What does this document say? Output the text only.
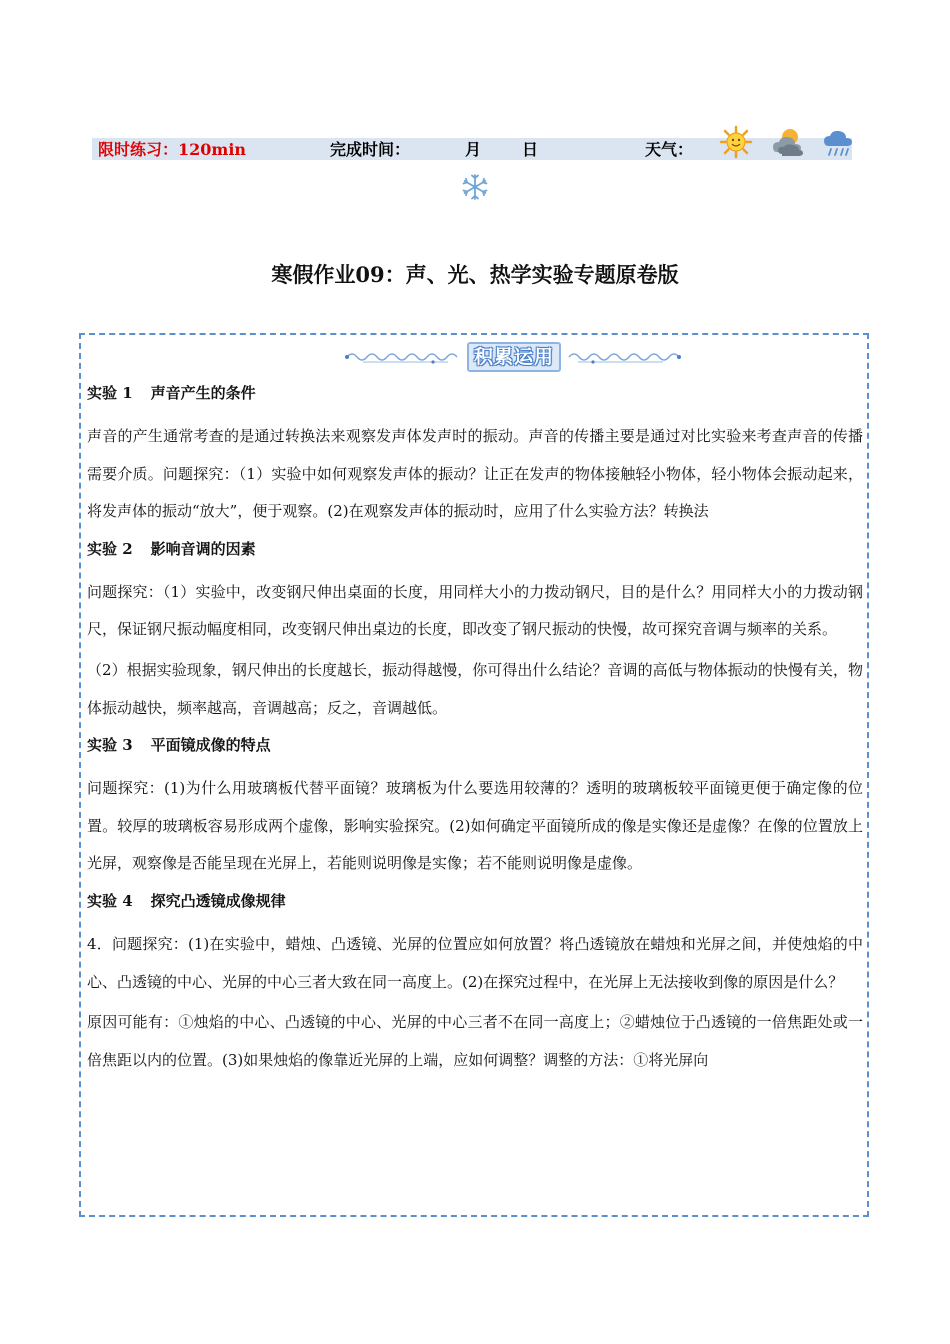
限时练习：120min	完成时间：	月	日	天气：
寒假作业09：声、光、热学实验专题原卷版
积累运用
实验 1 声音产生的条件

声音的产生通常考查的是通过转换法来观察发声体发声时的振动。声音的传播主要是通过对比实验来考查声音的传播需要介质。问题探究：（1）实验中如何观察发声体的振动？让正在发声的物体接触轻小物体，轻小物体会振动起来，将发声体的振动“放大”，便于观察。(2)在观察发声体的振动时，应用了什么实验方法？转换法

实验 2 影响音调的因素

问题探究：（1）实验中，改变钢尺伸出桌面的长度，用同样大小的力拨动钢尺，目的是什么？用同样大小的力拨动钢尺，保证钢尺振动幅度相同，改变钢尺伸出桌边的长度，即改变了钢尺振动的快慢，故可探究音调与频率的关系。

（2）根据实验现象，钢尺伸出的长度越长，振动得越慢，你可得出什么结论？音调的高低与物体振动的快慢有关，物体振动越快，频率越高，音调越高；反之，音调越低。

实验 3 平面镜成像的特点

问题探究：(1)为什么用玻璃板代替平面镜？玻璃板为什么要选用较薄的？透明的玻璃板较平面镜更便于确定像的位置。较厚的玻璃板容易形成两个虚像，影响实验探究。(2)如何确定平面镜所成的像是实像还是虚像？在像的位置放上光屏，观察像是否能呈现在光屏上，若能则说明像是实像；若不能则说明像是虚像。

实验 4 探究凸透镜成像规律

4．问题探究：(1)在实验中，蜡烛、凸透镜、光屏的位置应如何放置？将凸透镜放在蜡烛和光屏之间，并使烛焰的中心、凸透镜的中心、光屏的中心三者大致在同一高度上。(2)在探究过程中，在光屏上无法接收到像的原因是什么？

原因可能有：①烛焰的中心、凸透镜的中心、光屏的中心三者不在同一高度上；②蜡烛位于凸透镜的一倍焦距处或一倍焦距以内的位置。(3)如果烛焰的像靠近光屏的上端，应如何调整？调整的方法：①将光屏向
